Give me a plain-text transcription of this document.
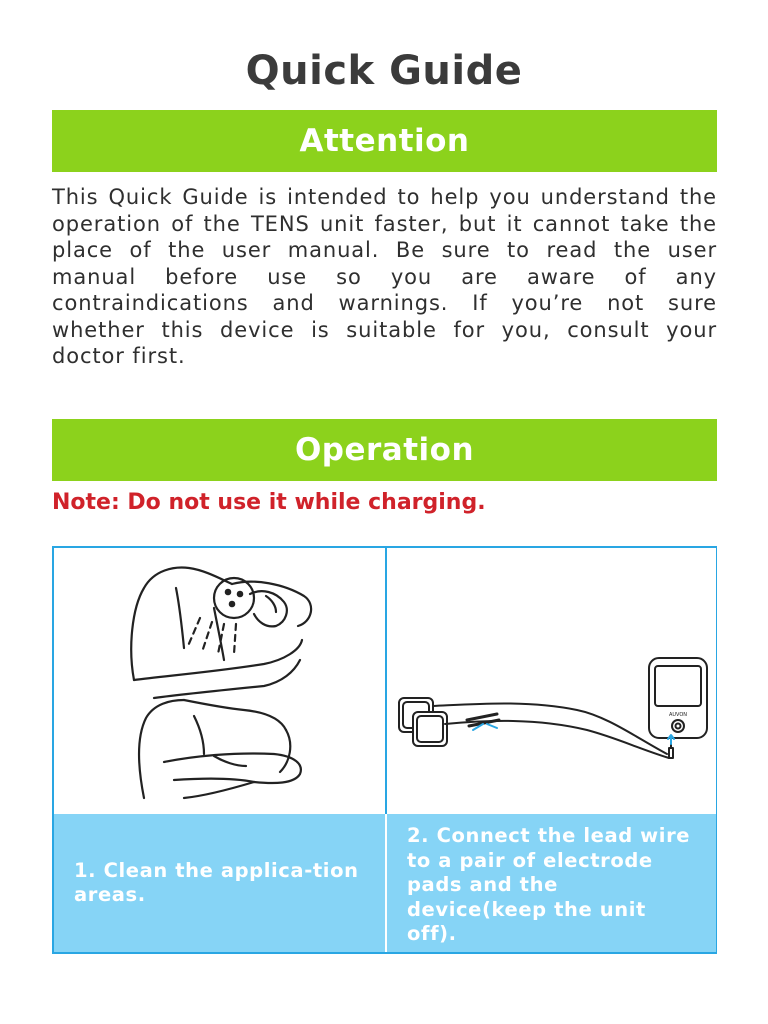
Quick Guide
Attention
This Quick Guide is intended to help you understand the operation of the TENS unit faster, but it cannot take the place of the user manual. Be sure to read the user manual before use so you are aware of any contraindications and warnings. If you’re not sure whether this device is suitable for you, consult your doctor first.
Operation
Note: Do not use it while charging.
AUVON
1. Clean the applica-tion areas.
2. Connect the lead wire to a pair of electrode pads and the device(keep the unit off).
